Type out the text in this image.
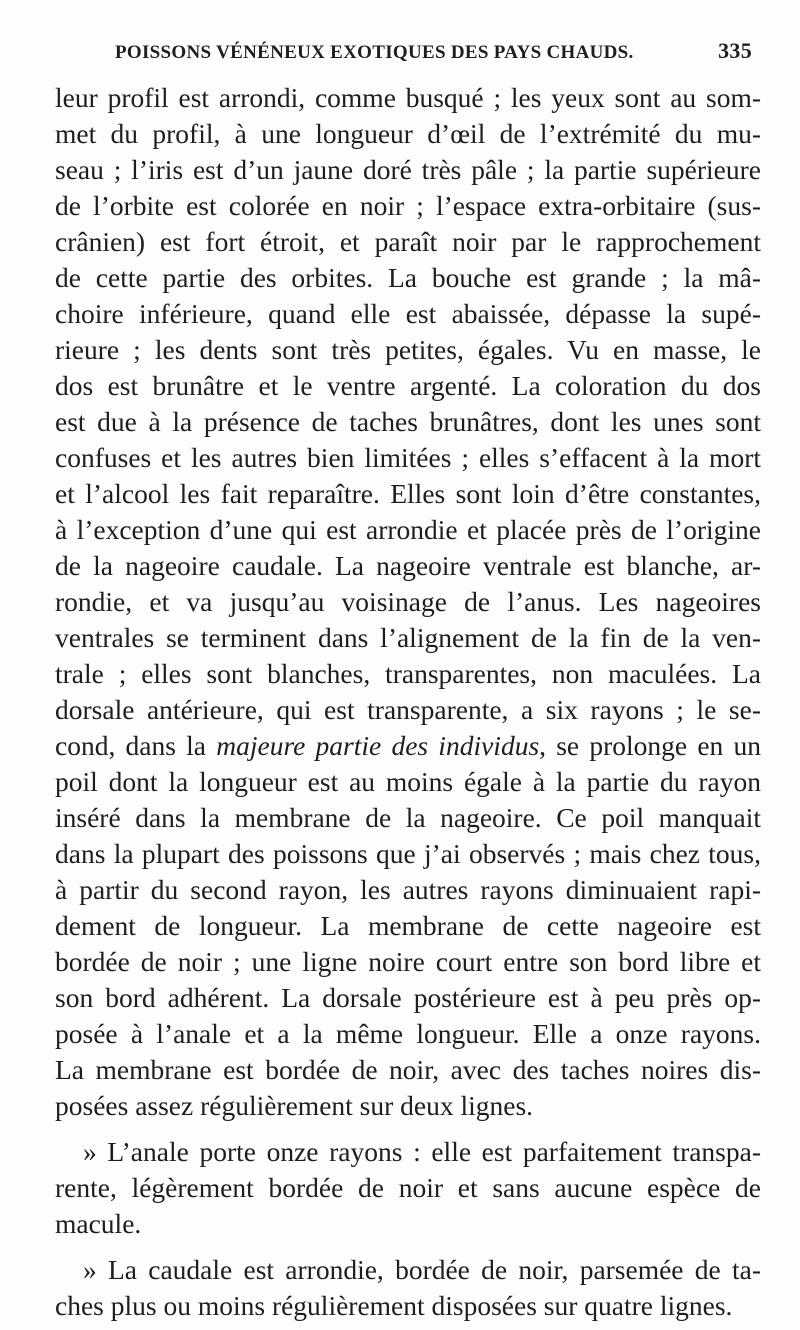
POISSONS VÉNÉNEUX EXOTIQUES DES PAYS CHAUDS.	335
leur profil est arrondi, comme busqué ; les yeux sont au som-
met du profil, à une longueur d’œil de l’extrémité du mu-
seau ; l’iris est d’un jaune doré très pâle ; la partie supérieure
de l’orbite est colorée en noir ; l’espace extra-orbitaire (sus-
crânien) est fort étroit, et paraît noir par le rapprochement
de cette partie des orbites. La bouche est grande ; la mâ-
choire inférieure, quand elle est abaissée, dépasse la supé-
rieure ; les dents sont très petites, égales. Vu en masse, le
dos est brunâtre et le ventre argenté. La coloration du dos
est due à la présence de taches brunâtres, dont les unes sont
confuses et les autres bien limitées ; elles s’effacent à la mort
et l’alcool les fait reparaître. Elles sont loin d’être constantes,
à l’exception d’une qui est arrondie et placée près de l’origine
de la nageoire caudale. La nageoire ventrale est blanche, ar-
rondie, et va jusqu’au voisinage de l’anus. Les nageoires
ventrales se terminent dans l’alignement de la fin de la ven-
trale ; elles sont blanches, transparentes, non maculées. La
dorsale antérieure, qui est transparente, a six rayons ; le se-
cond, dans la majeure partie des individus, se prolonge en un
poil dont la longueur est au moins égale à la partie du rayon
inséré dans la membrane de la nageoire. Ce poil manquait
dans la plupart des poissons que j’ai observés ; mais chez tous,
à partir du second rayon, les autres rayons diminuaient rapi-
dement de longueur. La membrane de cette nageoire est
bordée de noir ; une ligne noire court entre son bord libre et
son bord adhérent. La dorsale postérieure est à peu près op-
posée à l’anale et a la même longueur. Elle a onze rayons.
La membrane est bordée de noir, avec des taches noires dis-
posées assez régulièrement sur deux lignes.
» L’anale porte onze rayons : elle est parfaitement transpa-
rente, légèrement bordée de noir et sans aucune espèce de
macule.
» La caudale est arrondie, bordée de noir, parsemée de ta-
ches plus ou moins régulièrement disposées sur quatre lignes.
